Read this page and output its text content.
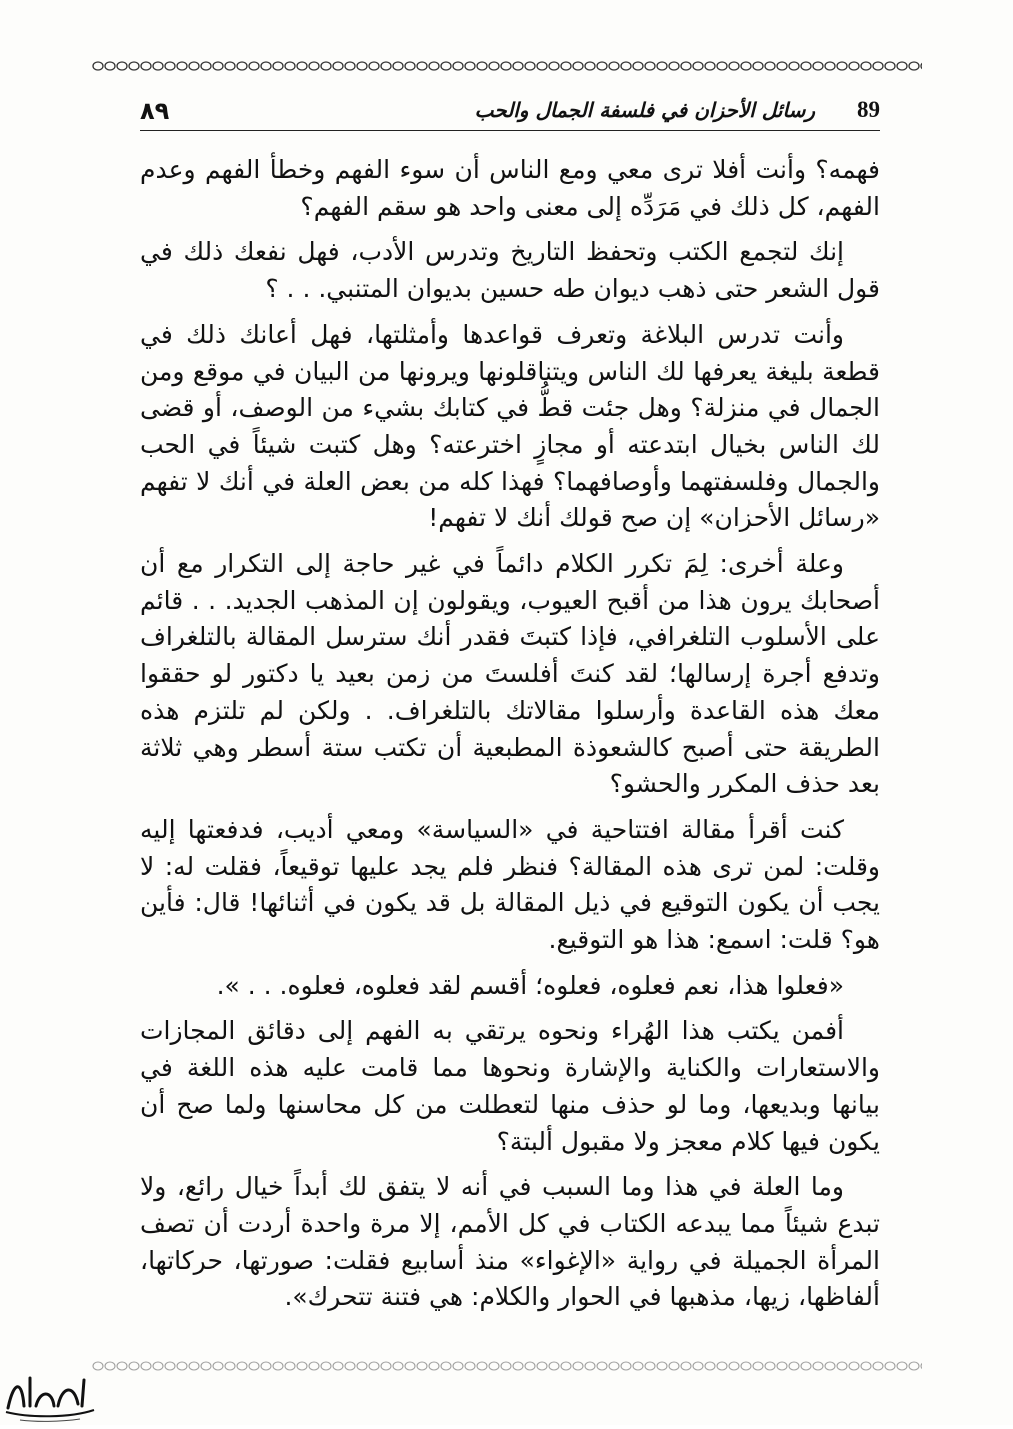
٨٩	رسائل الأحزان في فلسفة الجمال والحب 89

فهمه؟ وأنت أفلا ترى معي ومع الناس أن سوء الفهم وخطأ الفهم وعدم الفهم، كل ذلك في مَرَدِّه إلى معنى واحد هو سقم الفهم؟

إنك لتجمع الكتب وتحفظ التاريخ وتدرس الأدب، فهل نفعك ذلك في قول الشعر حتى ذهب ديوان طه حسين بديوان المتنبي. . . ؟

وأنت تدرس البلاغة وتعرف قواعدها وأمثلتها، فهل أعانك ذلك في قطعة بليغة يعرفها لك الناس ويتناقلونها ويرونها من البيان في موقع ومن الجمال في منزلة؟ وهل جئت قطُّ في كتابك بشيء من الوصف، أو قضى لك الناس بخيال ابتدعته أو مجازٍ اخترعته؟ وهل كتبت شيئاً في الحب والجمال وفلسفتهما وأوصافهما؟ فهذا كله من بعض العلة في أنك لا تفهم «رسائل الأحزان» إن صح قولك أنك لا تفهم!

وعلة أخرى: لِمَ تكرر الكلام دائماً في غير حاجة إلى التكرار مع أن أصحابك يرون هذا من أقبح العيوب، ويقولون إن المذهب الجديد. . . قائم على الأسلوب التلغرافي، فإذا كتبتَ فقدر أنك سترسل المقالة بالتلغراف وتدفع أجرة إرسالها؛ لقد كنتَ أفلستَ من زمن بعيد يا دكتور لو حققوا معك هذه القاعدة وأرسلوا مقالاتك بالتلغراف. . ولكن لم تلتزم هذه الطريقة حتى أصبح كالشعوذة المطبعية أن تكتب ستة أسطر وهي ثلاثة بعد حذف المكرر والحشو؟

كنت أقرأ مقالة افتتاحية في «السياسة» ومعي أديب، فدفعتها إليه وقلت: لمن ترى هذه المقالة؟ فنظر فلم يجد عليها توقيعاً، فقلت له: لا يجب أن يكون التوقيع في ذيل المقالة بل قد يكون في أثنائها! قال: فأين هو؟ قلت: اسمع: هذا هو التوقيع.

«فعلوا هذا، نعم فعلوه، فعلوه؛ أقسم لقد فعلوه، فعلوه. . . ».

أفمن يكتب هذا الهُراء ونحوه يرتقي به الفهم إلى دقائق المجازات والاستعارات والكناية والإشارة ونحوها مما قامت عليه هذه اللغة في بيانها وبديعها، وما لو حذف منها لتعطلت من كل محاسنها ولما صح أن يكون فيها كلام معجز ولا مقبول ألبتة؟

وما العلة في هذا وما السبب في أنه لا يتفق لك أبداً خيال رائع، ولا تبدع شيئاً مما يبدعه الكتاب في كل الأمم، إلا مرة واحدة أردت أن تصف المرأة الجميلة في رواية «الإغواء» منذ أسابيع فقلت: صورتها، حركاتها، ألفاظها، زيها، مذهبها في الحوار والكلام: هي فتنة تتحرك».
